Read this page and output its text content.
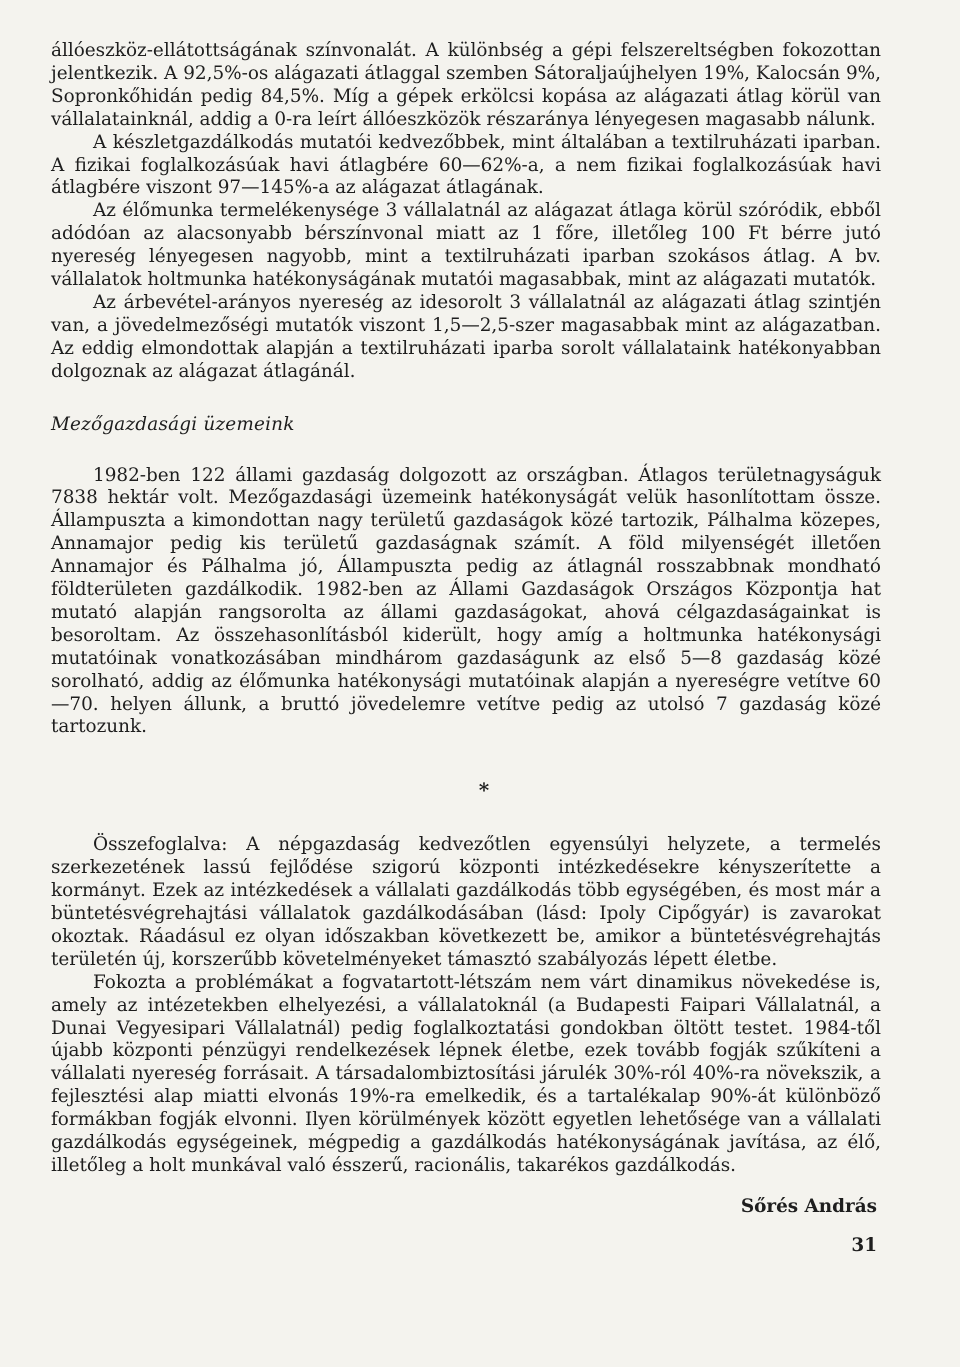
állóeszköz-ellátottságának színvonalát. A különbség a gépi felszereltségben fokozottan jelentkezik. A 92,5%-os alágazati átlaggal szemben Sátoraljaújhelyen 19%, Kalocsán 9%, Sopronkőhidán pedig 84,5%. Míg a gépek erkölcsi kopása az alágazati átlag körül van vállalatainknál, addig a 0-ra leírt állóeszközök részaránya lényegesen magasabb nálunk.

A készletgazdálkodás mutatói kedvezőbbek, mint általában a textilruházati iparban. A fizikai foglalkozásúak havi átlagbére 60—62%-a, a nem fizikai foglalkozásúak havi átlagbére viszont 97—145%-a az alágazat átlagának.

Az élőmunka termelékenysége 3 vállalatnál az alágazat átlaga körül szóródik, ebből adódóan az alacsonyabb bérszínvonal miatt az 1 főre, illetőleg 100 Ft bérre jutó nyereség lényegesen nagyobb, mint a textilruházati iparban szokásos átlag. A bv. vállalatok holtmunka hatékonyságának mutatói magasabbak, mint az alágazati mutatók.

Az árbevétel-arányos nyereség az idesorolt 3 vállalatnál az alágazati átlag szintjén van, a jövedelmezőségi mutatók viszont 1,5—2,5-szer magasabbak mint az alágazatban. Az eddig elmondottak alapján a textilruházati iparba sorolt vállalataink hatékonyabban dolgoznak az alágazat átlagánál.

Mezőgazdasági üzemeink

1982-ben 122 állami gazdaság dolgozott az országban. Átlagos területnagyságuk 7838 hektár volt. Mezőgazdasági üzemeink hatékonyságát velük hasonlítottam össze. Állampuszta a kimondottan nagy területű gazdaságok közé tartozik, Pálhalma közepes, Annamajor pedig kis területű gazdaságnak számít. A föld milyenségét illetően Annamajor és Pálhalma jó, Állampuszta pedig az átlagnál rosszabbnak mondható földterületen gazdálkodik. 1982-ben az Állami Gazdaságok Országos Központja hat mutató alapján rangsorolta az állami gazdaságokat, ahová célgazdaságainkat is besoroltam. Az összehasonlításból kiderült, hogy amíg a holtmunka hatékonysági mutatóinak vonatkozásában mindhárom gazdaságunk az első 5—8 gazdaság közé sorolható, addig az élőmunka hatékonysági mutatóinak alapján a nyereségre vetítve 60—70. helyen állunk, a bruttó jövedelemre vetítve pedig az utolsó 7 gazdaság közé tartozunk.

*

Összefoglalva: A népgazdaság kedvezőtlen egyensúlyi helyzete, a termelés szerkezetének lassú fejlődése szigorú központi intézkedésekre kényszerítette a kormányt. Ezek az intézkedések a vállalati gazdálkodás több egységében, és most már a büntetésvégrehajtási vállalatok gazdálkodásában (lásd: Ipoly Cipőgyár) is zavarokat okoztak. Ráadásul ez olyan időszakban következett be, amikor a büntetésvégrehajtás területén új, korszerűbb követelményeket támasztó szabályozás lépett életbe.

Fokozta a problémákat a fogvatartott-létszám nem várt dinamikus növekedése is, amely az intézetekben elhelyezési, a vállalatoknál (a Budapesti Faipari Vállalatnál, a Dunai Vegyesipari Vállalatnál) pedig foglalkoztatási gondokban öltött testet. 1984-től újabb központi pénzügyi rendelkezések lépnek életbe, ezek tovább fogják szűkíteni a vállalati nyereség forrásait. A társadalombiztosítási járulék 30%-ról 40%-ra növekszik, a fejlesztési alap miatti elvonás 19%-ra emelkedik, és a tartalékalap 90%-át különböző formákban fogják elvonni. Ilyen körülmények között egyetlen lehetősége van a vállalati gazdálkodás egységeinek, mégpedig a gazdálkodás hatékonyságának javítása, az élő, illetőleg a holt munkával való ésszerű, racionális, takarékos gazdálkodás.

Sőrés András

31
